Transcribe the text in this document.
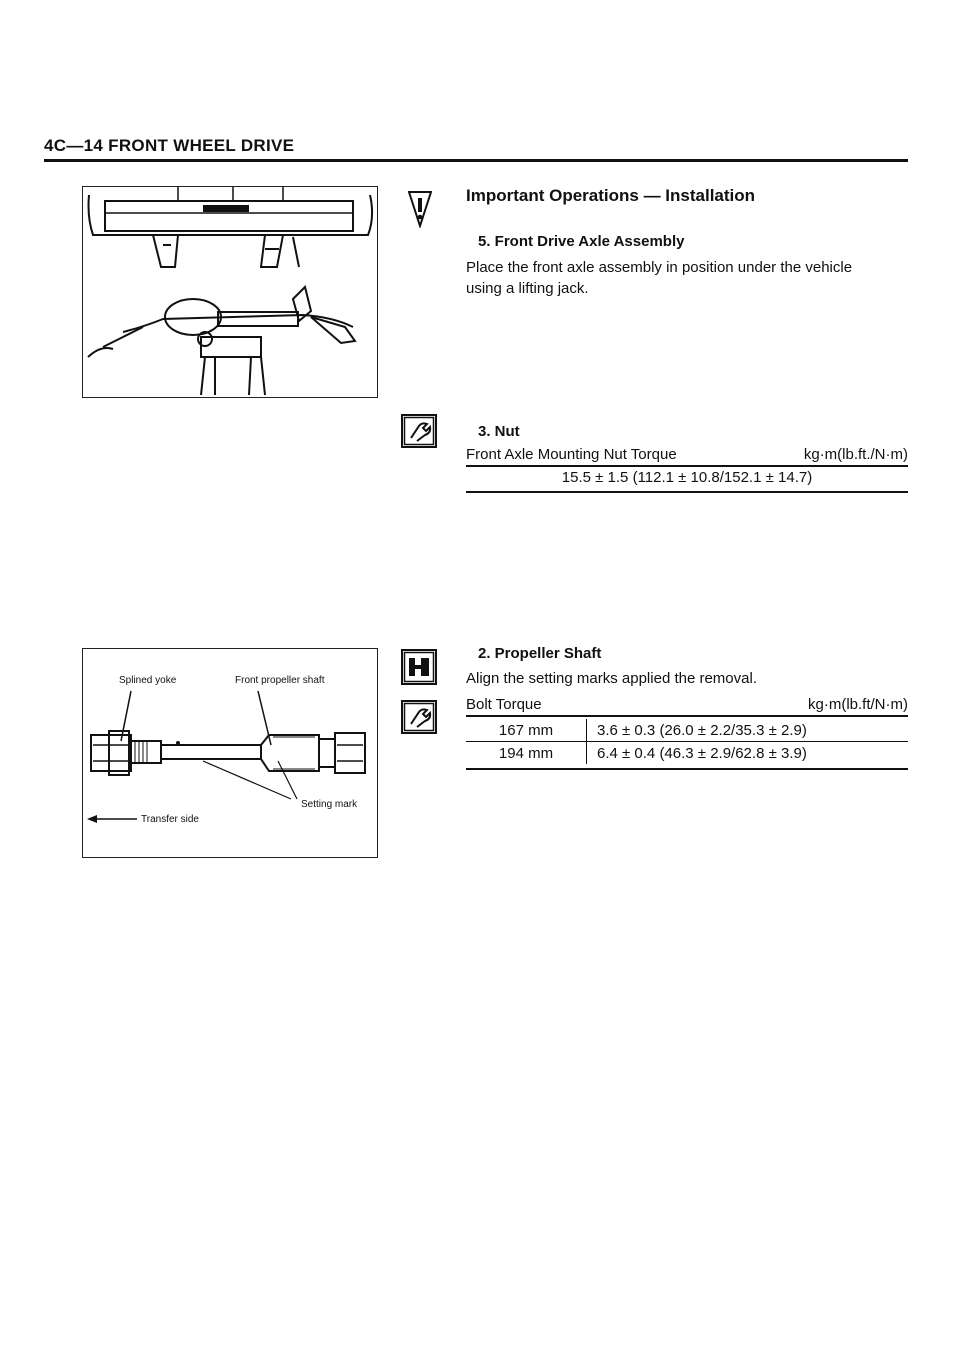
4C—14 FRONT WHEEL DRIVE
Important Operations — Installation
5. Front Drive Axle Assembly
Place the front axle assembly in position under the vehicle
using a lifting jack.
3. Nut
Front Axle Mounting Nut Torque	kg·m(lb.ft./N·m)
15.5 ± 1.5 (112.1 ± 10.8/152.1 ± 14.7)
Splined yoke	Front propeller shaft
Setting mark
Transfer side
2. Propeller Shaft
Align the setting marks applied the removal.
Bolt Torque	kg·m(lb.ft/N·m)
167 mm	3.6 ± 0.3 (26.0 ± 2.2/35.3 ± 2.9)
194 mm	6.4 ± 0.4 (46.3 ± 2.9/62.8 ± 3.9)
